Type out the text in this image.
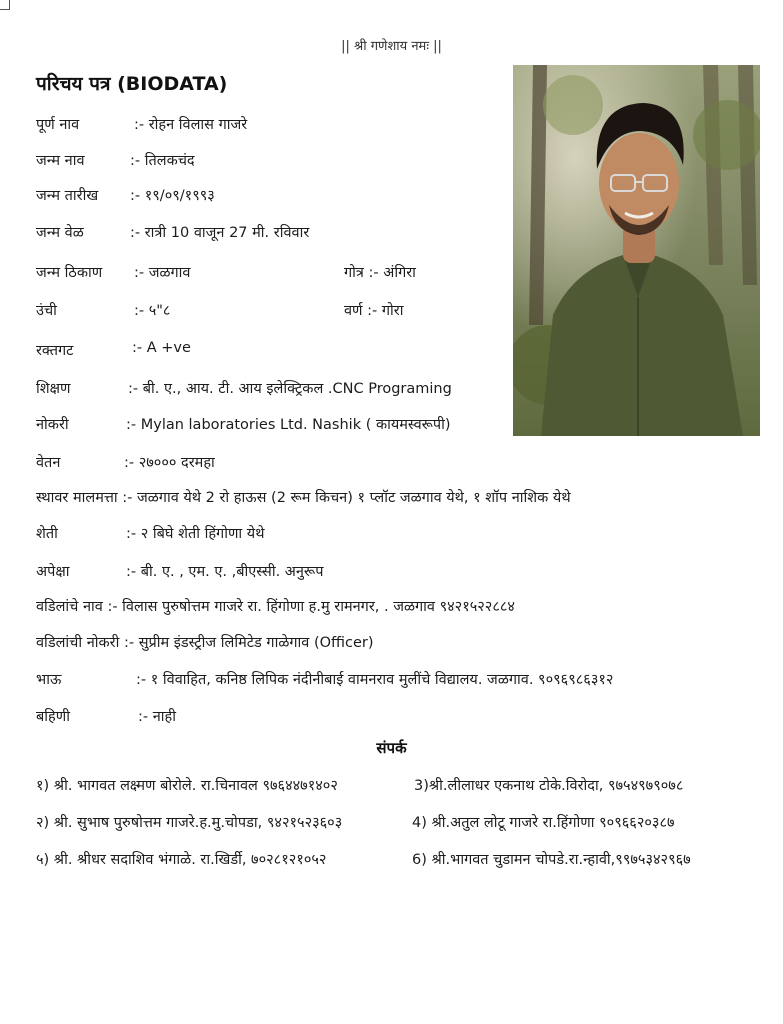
|| श्री गणेशाय नमः ||
परिचय पत्र (BIODATA)
पूर्ण नाव	:- रोहन विलास गाजरे
जन्म नाव	:- तिलकचंद
जन्म तारीख :- १९/०९/१९९३
जन्म वेळ	:- रात्री 10 वाजून 27 मी. रविवार
जन्म ठिकाण :- जळगाव	गोत्र :- अंगिरा
उंची	:- ५"८	वर्ण :- गोरा
रक्तगट	:- A +ve
शिक्षण	:- बी. ए., आय. टी. आय इलेक्ट्रिकल .CNC Programing
नोकरी	:- Mylan laboratories Ltd. Nashik ( कायमस्वरूपी)
वेतन	:- २७००० दरमहा
स्थावर मालमत्ता :- जळगाव येथे 2 रो हाऊस (2 रूम किचन) १ प्लॉट जळगाव येथे, १ शॉप नाशिक येथे
शेती	:- २ बिघे शेती हिंगोणा येथे
अपेक्षा	:- बी. ए. , एम. ए. ,बीएस्सी. अनुरूप
वडिलांचे नाव :- विलास पुरुषोत्तम गाजरे रा. हिंगोणा ह.मु रामनगर, . जळगाव ९४२१५२२८८४
वडिलांची नोकरी :- सुप्रीम इंडस्ट्रीज लिमिटेड गाळेगाव (Officer)
भाऊ	:- १ विवाहित, कनिष्ठ लिपिक नंदीनीबाई वामनराव मुलींचे विद्यालय. जळगाव. ९०९६९८६३१२
बहिणी	:- नाही
संपर्क
१) श्री. भागवत लक्ष्मण बोरोले. रा.चिनावल ९७६४४७१४०२	3)श्री.लीलाधर एकनाथ टोके.विरोदा, ९७५४९७९०७८
२) श्री. सुभाष पुरुषोत्तम गाजरे.ह.मु.चोपडा, ९४२१५२३६०३	4) श्री.अतुल लोटू गाजरे रा.हिंगोणा ९०९६६२०३८७
५) श्री. श्रीधर सदाशिव भंगाळे. रा.खिर्डी, ७०२८१२१०५२	6) श्री.भागवत चुडामन चोपडे.रा.न्हावी,९९७५३४२९६७
